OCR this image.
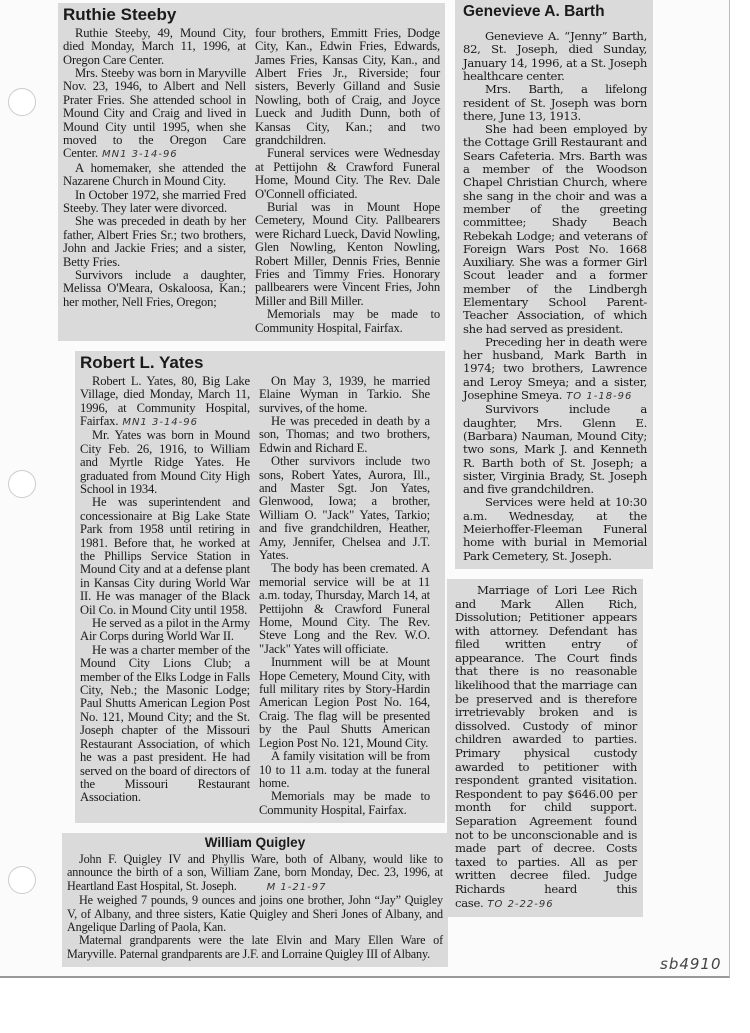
Ruthie Steeby

Ruthie Steeby, 49, Mound City, died Monday, March 11, 1996, at Oregon Care Center.

Mrs. Steeby was born in Maryville Nov. 23, 1946, to Albert and Nell Prater Fries. She attended school in Mound City and Craig and lived in Mound City until 1995, when she moved to the Oregon Care Center. MN1 3-14-96

A homemaker, she attended the Nazarene Church in Mound City.

In October 1972, she married Fred Steeby. They later were divorced.

She was preceded in death by her father, Albert Fries Sr.; two brothers, John and Jackie Fries; and a sister, Betty Fries.

Survivors include a daughter, Melissa O'Meara, Oskaloosa, Kan.; her mother, Nell Fries, Oregon;

four brothers, Emmitt Fries, Dodge City, Kan., Edwin Fries, Edwards, James Fries, Kansas City, Kan., and Albert Fries Jr., Riverside; four sisters, Beverly Gilland and Susie Nowling, both of Craig, and Joyce Lueck and Judith Dunn, both of Kansas City, Kan.; and two grandchildren.

Funeral services were Wednesday at Pettijohn & Crawford Funeral Home, Mound City. The Rev. Dale O'Connell officiated.

Burial was in Mount Hope Cemetery, Mound City. Pallbearers were Richard Lueck, David Nowling, Glen Nowling, Kenton Nowling, Robert Miller, Dennis Fries, Bennie Fries and Timmy Fries. Honorary pallbearers were Vincent Fries, John Miller and Bill Miller.

Memorials may be made to Community Hospital, Fairfax.

Robert L. Yates

Robert L. Yates, 80, Big Lake Village, died Monday, March 11, 1996, at Community Hospital, Fairfax. MN1 3-14-96

Mr. Yates was born in Mound City Feb. 26, 1916, to William and Myrtle Ridge Yates. He graduated from Mound City High School in 1934.

He was superintendent and concessionaire at Big Lake State Park from 1958 until retiring in 1981. Before that, he worked at the Phillips Service Station in Mound City and at a defense plant in Kansas City during World War II. He was manager of the Black Oil Co. in Mound City until 1958.

He served as a pilot in the Army Air Corps during World War II.

He was a charter member of the Mound City Lions Club; a member of the Elks Lodge in Falls City, Neb.; the Masonic Lodge; Paul Shutts American Legion Post No. 121, Mound City; and the St. Joseph chapter of the Missouri Restaurant Association, of which he was a past president. He had served on the board of directors of the Missouri Restaurant Association.

On May 3, 1939, he married Elaine Wyman in Tarkio. She survives, of the home.

He was preceded in death by a son, Thomas; and two brothers, Edwin and Richard E.

Other survivors include two sons, Robert Yates, Aurora, Ill., and Master Sgt. Jon Yates, Glenwood, Iowa; a brother, William O. "Jack" Yates, Tarkio; and five grandchildren, Heather, Amy, Jennifer, Chelsea and J.T. Yates.

The body has been cremated. A memorial service will be at 11 a.m. today, Thursday, March 14, at Pettijohn & Crawford Funeral Home, Mound City. The Rev. Steve Long and the Rev. W.O. "Jack" Yates will officiate.

Inurnment will be at Mount Hope Cemetery, Mound City, with full military rites by Story-Hardin American Legion Post No. 164, Craig. The flag will be presented by the Paul Shutts American Legion Post No. 121, Mound City.

A family visitation will be from 10 to 11 a.m. today at the funeral home.

Memorials may be made to Community Hospital, Fairfax.

William Quigley

John F. Quigley IV and Phyllis Ware, both of Albany, would like to announce the birth of a son, William Zane, born Monday, Dec. 23, 1996, at Heartland East Hospital, St. Joseph.	M 1-21-97

He weighed 7 pounds, 9 ounces and joins one brother, John “Jay” Quigley V, of Albany, and three sisters, Katie Quigley and Sheri Jones of Albany, and Angelique Darling of Paola, Kan.

Maternal grandparents were the late Elvin and Mary Ellen Ware of Maryville. Paternal grandparents are J.F. and Lorraine Quigley III of Albany.

Genevieve A. Barth

Genevieve A. “Jenny” Barth, 82, St. Joseph, died Sunday, January 14, 1996, at a St. Joseph healthcare center.

Mrs. Barth, a lifelong resident of St. Joseph was born there, June 13, 1913.

She had been employed by the Cottage Grill Restaurant and Sears Cafeteria. Mrs. Barth was a member of the Woodson Chapel Christian Church, where she sang in the choir and was a member of the greeting committee; Shady Beach Rebekah Lodge; and veterans of Foreign Wars Post No. 1668 Auxiliary. She was a former Girl Scout leader and a former member of the Lindbergh Elementary School Parent-Teacher Association, of which she had served as president.

Preceding her in death were her husband, Mark Barth in 1974; two brothers, Lawrence and Leroy Smeya; and a sister, Josephine Smeya. TO 1-18-96

Survivors include a daughter, Mrs. Glenn E. (Barbara) Nauman, Mound City; two sons, Mark J. and Kenneth R. Barth both of St. Joseph; a sister, Virginia Brady, St. Joseph and five grandchildren.

Services were held at 10:30 a.m. Wednesday, at the Meierhoffer-Fleeman Funeral home with burial in Memorial Park Cemetery, St. Joseph.

Marriage of Lori Lee Rich and Mark Allen Rich, Dissolution; Petitioner appears with attorney. Defendant has filed written entry of appearance. The Court finds that there is no reasonable likelihood that the marriage can be preserved and is therefore irretrievably broken and is dissolved. Custody of minor children awarded to parties. Primary physical custody awarded to petitioner with respondent granted visitation. Respondent to pay $646.00 per month for child support. Separation Agreement found not to be unconscionable and is made part of decree. Costs taxed to parties. All as per written decree filed. Judge Richards heard this case. TO 2-22-96

sb4910
